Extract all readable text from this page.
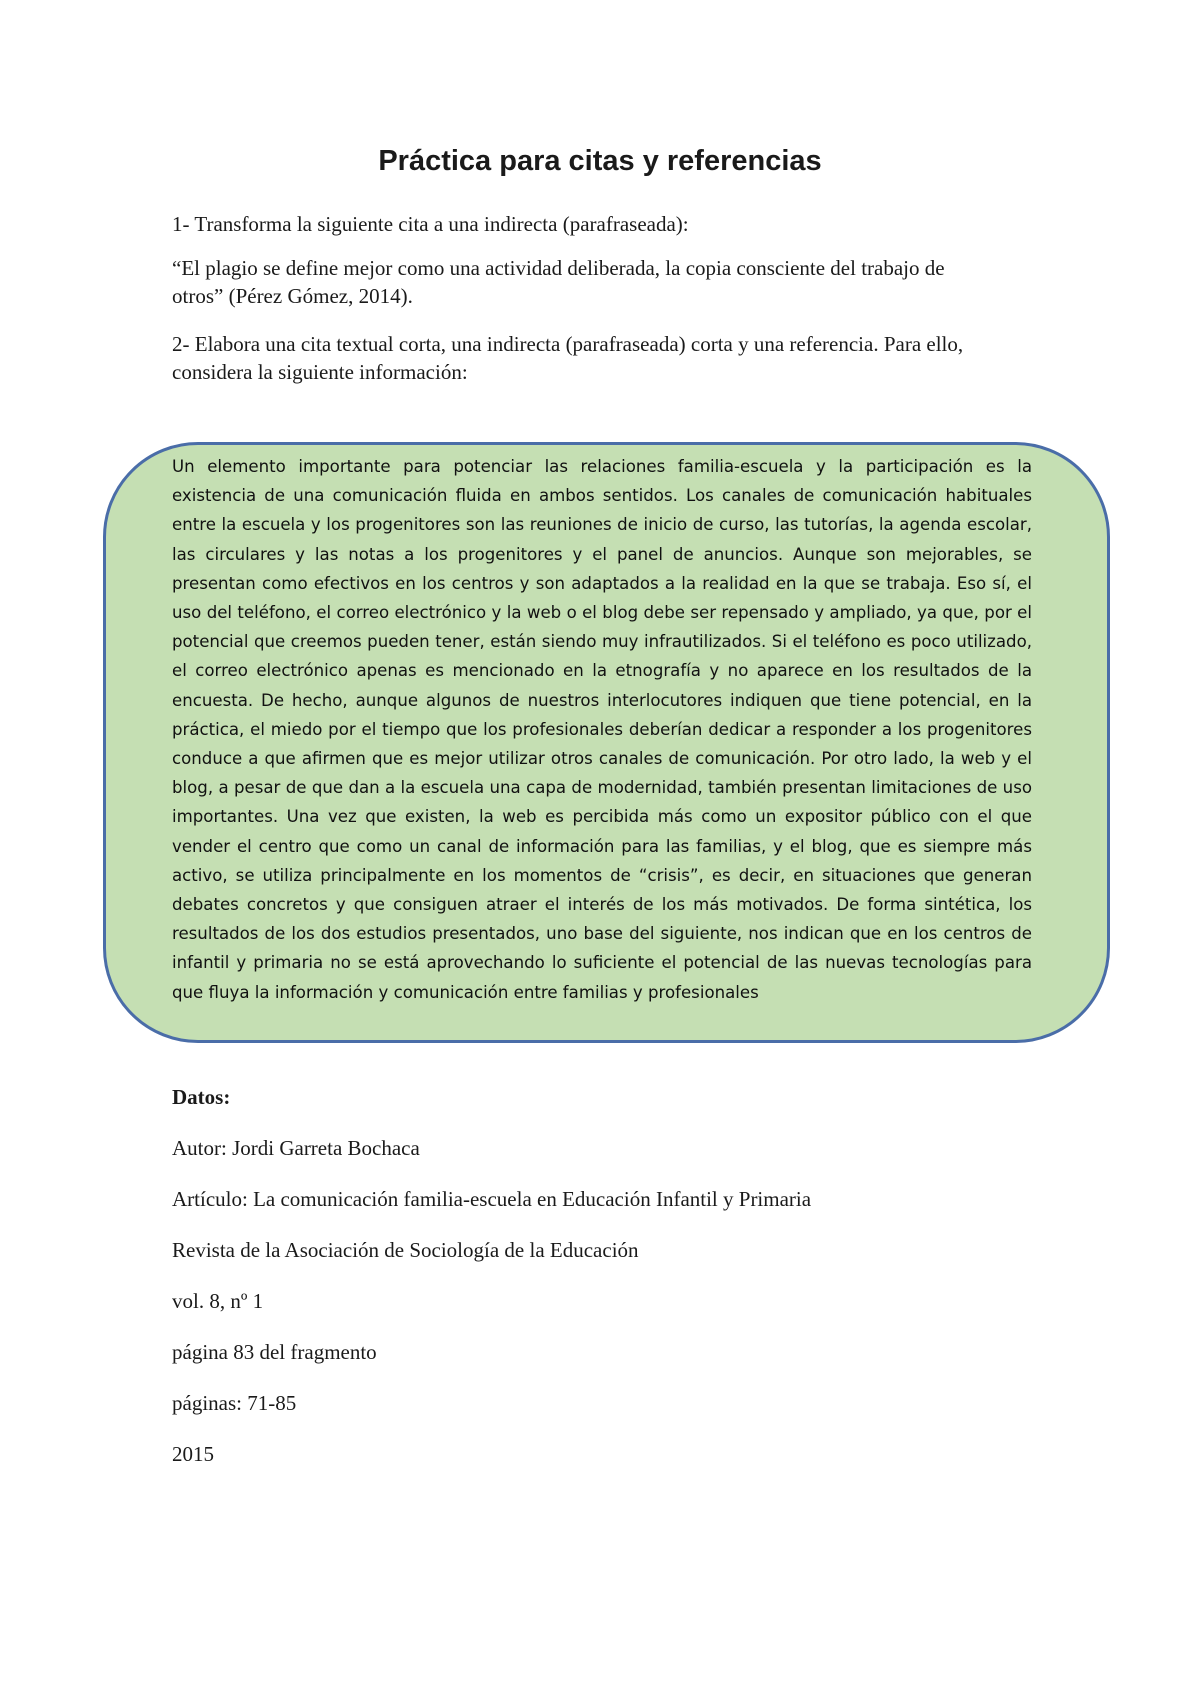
Práctica para citas y referencias
1- Transforma la siguiente cita a una indirecta (parafraseada):
“El plagio se define mejor como una actividad deliberada, la copia consciente del trabajo de otros” (Pérez Gómez, 2014).
2- Elabora una cita textual corta, una indirecta (parafraseada) corta y una referencia. Para ello, considera la siguiente información:

Un elemento importante para potenciar las relaciones familia-escuela y la participación es la existencia de una comunicación fluida en ambos sentidos. Los canales de comunicación habituales entre la escuela y los progenitores son las reuniones de inicio de curso, las tutorías, la agenda escolar, las circulares y las notas a los progenitores y el panel de anuncios. Aunque son mejorables, se presentan como efectivos en los centros y son adaptados a la realidad en la que se trabaja. Eso sí, el uso del teléfono, el correo electrónico y la web o el blog debe ser repensado y ampliado, ya que, por el potencial que creemos pueden tener, están siendo muy infrautilizados. Si el teléfono es poco utilizado, el correo electrónico apenas es mencionado en la etnografía y no aparece en los resultados de la encuesta. De hecho, aunque algunos de nuestros interlocutores indiquen que tiene potencial, en la práctica, el miedo por el tiempo que los profesionales deberían dedicar a responder a los progenitores conduce a que afirmen que es mejor utilizar otros canales de comunicación. Por otro lado, la web y el blog, a pesar de que dan a la escuela una capa de modernidad, también presentan limitaciones de uso importantes. Una vez que existen, la web es percibida más como un expositor público con el que vender el centro que como un canal de información para las familias, y el blog, que es siempre más activo, se utiliza principalmente en los momentos de “crisis”, es decir, en situaciones que generan debates concretos y que consiguen atraer el interés de los más motivados. De forma sintética, los resultados de los dos estudios presentados, uno base del siguiente, nos indican que en los centros de infantil y primaria no se está aprovechando lo suficiente el potencial de las nuevas tecnologías para que fluya la información y comunicación entre familias y profesionales

Datos:
Autor: Jordi Garreta Bochaca
Artículo: La comunicación familia-escuela en Educación Infantil y Primaria
Revista de la Asociación de Sociología de la Educación
vol. 8, nº 1
página 83 del fragmento
páginas: 71-85
2015
